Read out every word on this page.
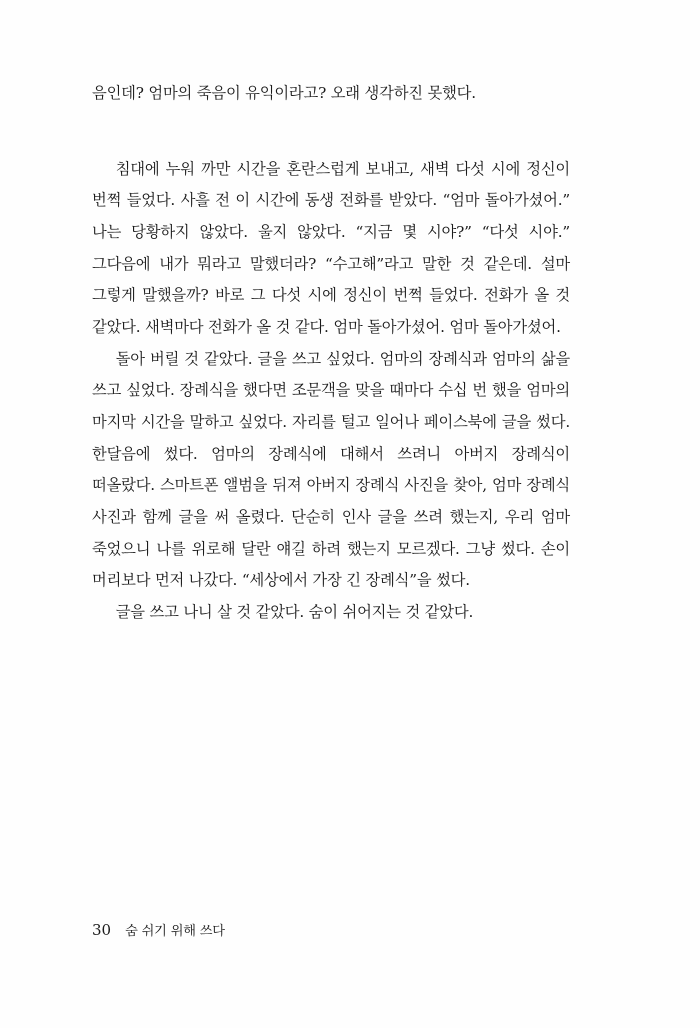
음인데? 엄마의 죽음이 유익이라고? 오래 생각하진 못했다.

침대에 누워 까만 시간을 혼란스럽게 보내고, 새벽 다섯 시에 정신이 번쩍 들었다. 사흘 전 이 시간에 동생 전화를 받았다. “엄마 돌아가셨어.” 나는 당황하지 않았다. 울지 않았다. “지금 몇 시야?” “다섯 시야.” 그다음에 내가 뭐라고 말했더라? “수고해”라고 말한 것 같은데. 설마 그렇게 말했을까? 바로 그 다섯 시에 정신이 번쩍 들었다. 전화가 올 것 같았다. 새벽마다 전화가 올 것 같다. 엄마 돌아가셨어. 엄마 돌아가셨어.

돌아 버릴 것 같았다. 글을 쓰고 싶었다. 엄마의 장례식과 엄마의 삶을 쓰고 싶었다. 장례식을 했다면 조문객을 맞을 때마다 수십 번 했을 엄마의 마지막 시간을 말하고 싶었다. 자리를 털고 일어나 페이스북에 글을 썼다. 한달음에 썼다. 엄마의 장례식에 대해서 쓰려니 아버지 장례식이 떠올랐다. 스마트폰 앨범을 뒤져 아버지 장례식 사진을 찾아, 엄마 장례식 사진과 함께 글을 써 올렸다. 단순히 인사 글을 쓰려 했는지, 우리 엄마 죽었으니 나를 위로해 달란 얘길 하려 했는지 모르겠다. 그냥 썼다. 손이 머리보다 먼저 나갔다. “세상에서 가장 긴 장례식”을 썼다.

글을 쓰고 나니 살 것 같았다. 숨이 쉬어지는 것 같았다.

30 숨 쉬기 위해 쓰다
